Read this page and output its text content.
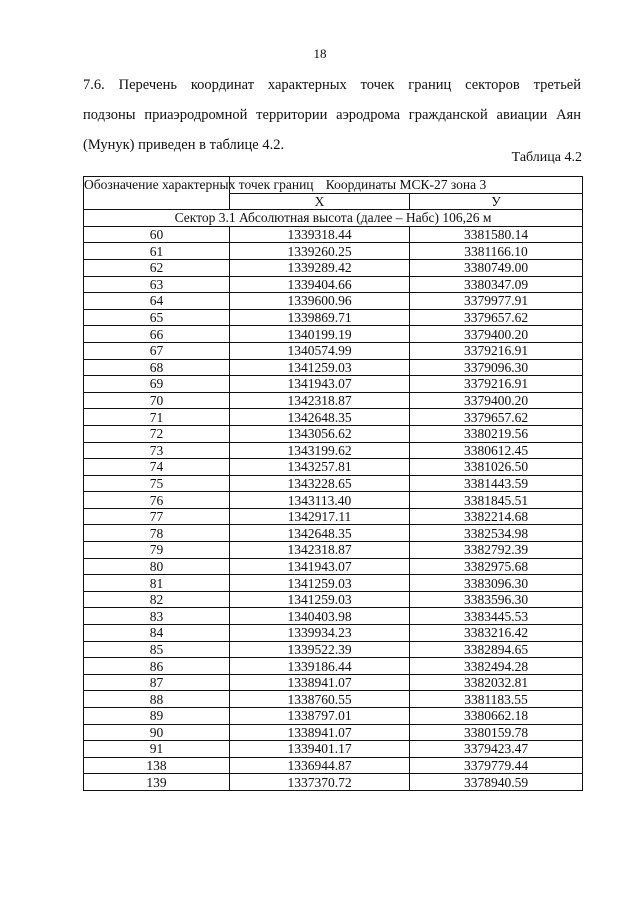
18
7.6. Перечень координат характерных точек границ секторов третьей
подзоны приаэродромной территории аэродрома гражданской авиации Аян
(Мунук) приведен в таблице 4.2.
Таблица 4.2
Обозначение характерных точек границ	Координаты МСК-27 зона 3	
	X	У
Сектор 3.1 Абсолютная высота (далее – Набс) 106,26 м		
60	1339318.44	3381580.14
61	1339260.25	3381166.10
62	1339289.42	3380749.00
63	1339404.66	3380347.09
64	1339600.96	3379977.91
65	1339869.71	3379657.62
66	1340199.19	3379400.20
67	1340574.99	3379216.91
68	1341259.03	3379096.30
69	1341943.07	3379216.91
70	1342318.87	3379400.20
71	1342648.35	3379657.62
72	1343056.62	3380219.56
73	1343199.62	3380612.45
74	1343257.81	3381026.50
75	1343228.65	3381443.59
76	1343113.40	3381845.51
77	1342917.11	3382214.68
78	1342648.35	3382534.98
79	1342318.87	3382792.39
80	1341943.07	3382975.68
81	1341259.03	3383096.30
82	1341259.03	3383596.30
83	1340403.98	3383445.53
84	1339934.23	3383216.42
85	1339522.39	3382894.65
86	1339186.44	3382494.28
87	1338941.07	3382032.81
88	1338760.55	3381183.55
89	1338797.01	3380662.18
90	1338941.07	3380159.78
91	1339401.17	3379423.47
138	1336944.87	3379779.44
139	1337370.72	3378940.59
